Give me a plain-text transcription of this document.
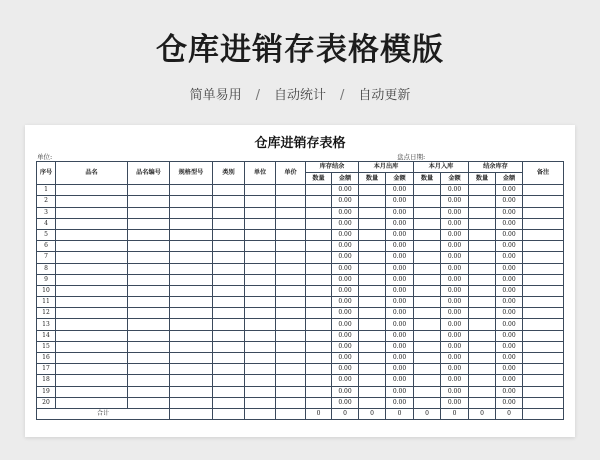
仓库进销存表格模版
简单易用 / 自动统计 / 自动更新
仓库进销存表格
单位:	盘点日期:
序号	品名	品名编号	规格型号	类别	单位	单价	库存结余		本月出库		本月入库		结余库存		备注
							数量	金额	数量	金额	数量	金额	数量	金额	
1								0.00		0.00		0.00		0.00	
2								0.00		0.00		0.00		0.00	
3								0.00		0.00		0.00		0.00	
4								0.00		0.00		0.00		0.00	
5								0.00		0.00		0.00		0.00	
6								0.00		0.00		0.00		0.00	
7								0.00		0.00		0.00		0.00	
8								0.00		0.00		0.00		0.00	
9								0.00		0.00		0.00		0.00	
10								0.00		0.00		0.00		0.00	
11								0.00		0.00		0.00		0.00	
12								0.00		0.00		0.00		0.00	
13								0.00		0.00		0.00		0.00	
14								0.00		0.00		0.00		0.00	
15								0.00		0.00		0.00		0.00	
16								0.00		0.00		0.00		0.00	
17								0.00		0.00		0.00		0.00	
18								0.00		0.00		0.00		0.00	
19								0.00		0.00		0.00		0.00	
20								0.00		0.00		0.00		0.00	
合计							0	0	0	0	0	0	0	0	
